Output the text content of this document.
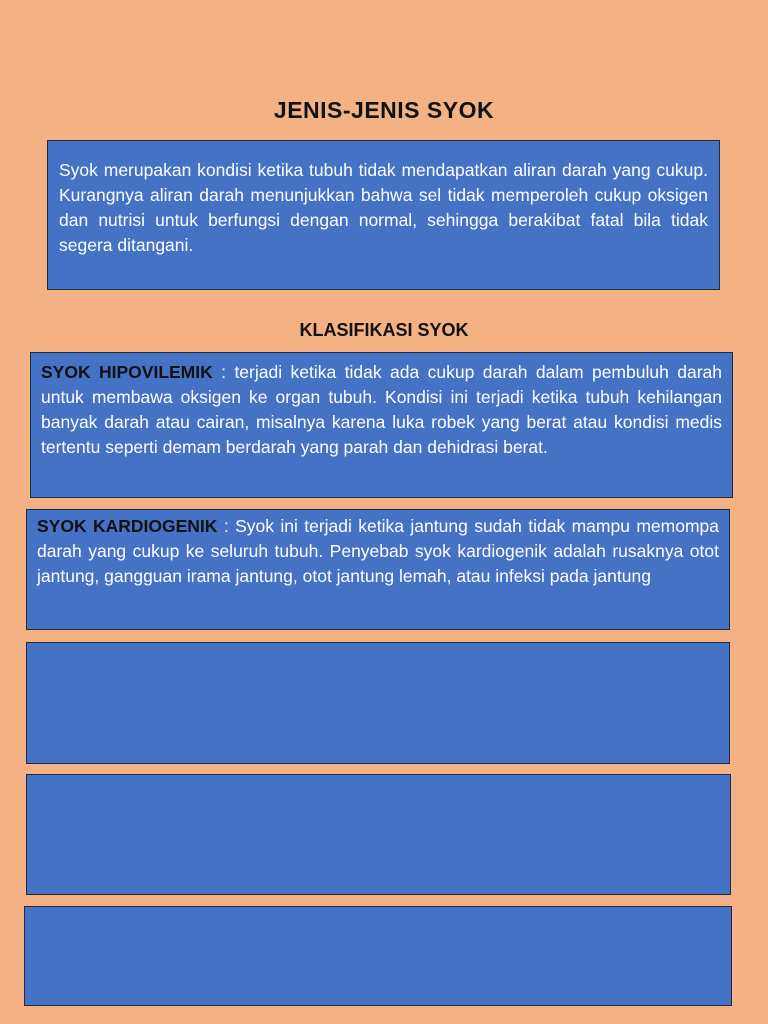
JENIS-JENIS SYOK

Syok merupakan kondisi ketika tubuh tidak mendapatkan aliran darah yang cukup. Kurangnya aliran darah menunjukkan bahwa sel tidak memperoleh cukup oksigen dan nutrisi untuk berfungsi dengan normal, sehingga berakibat fatal bila tidak segera ditangani.

KLASIFIKASI SYOK

SYOK HIPOVILEMIK : terjadi ketika tidak ada cukup darah dalam pembuluh darah untuk membawa oksigen ke organ tubuh. Kondisi ini terjadi ketika tubuh kehilangan banyak darah atau cairan, misalnya karena luka robek yang berat atau kondisi medis tertentu seperti demam berdarah yang parah dan dehidrasi berat.

SYOK KARDIOGENIK : Syok ini terjadi ketika jantung sudah tidak mampu memompa darah yang cukup ke seluruh tubuh. Penyebab syok kardiogenik adalah rusaknya otot jantung, gangguan irama jantung, otot jantung lemah, atau infeksi pada jantung
